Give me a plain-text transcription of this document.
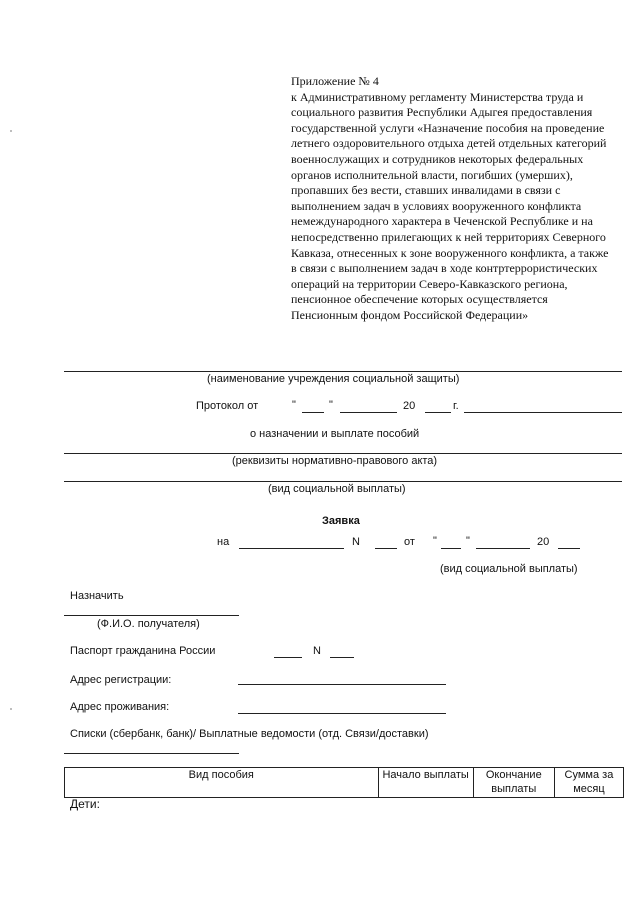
Приложение № 4

к Административному регламенту Министерства труда и социального развития Республики Адыгея предоставления государственной услуги «Назначение пособия на проведение летнего оздоровительного отдыха детей отдельных категорий военнослужащих и сотрудников некоторых федеральных органов исполнительной власти, погибших (умерших), пропавших без вести, ставших инвалидами в связи с выполнением задач в условиях вооруженного конфликта немеждународного характера в Чеченской Республике и на непосредственно прилегающих к ней территориях Северного Кавказа, отнесенных к зоне вооруженного конфликта, а также в связи с выполнением задач в ходе контртеррористических операций на территории Северо-Кавказского региона, пенсионное обеспечение которых осуществляется Пенсионным фондом Российской Федерации»

(наименование учреждения социальной защиты)
Протокол от	"	"	20	г.
о назначении и выплате пособий
(реквизиты нормативно-правового акта)
(вид социальной выплаты)
Заявка
на	N	от "	"	20
(вид социальной выплаты)
Назначить
(Ф.И.О. получателя)
Паспорт гражданина России	N
Адрес регистрации:
Адрес проживания:
Списки (сбербанк, банк)/ Выплатные ведомости (отд. Связи/доставки)
Вид пособия	Начало выплаты	Окончание выплаты	Сумма за месяц
Дети:
